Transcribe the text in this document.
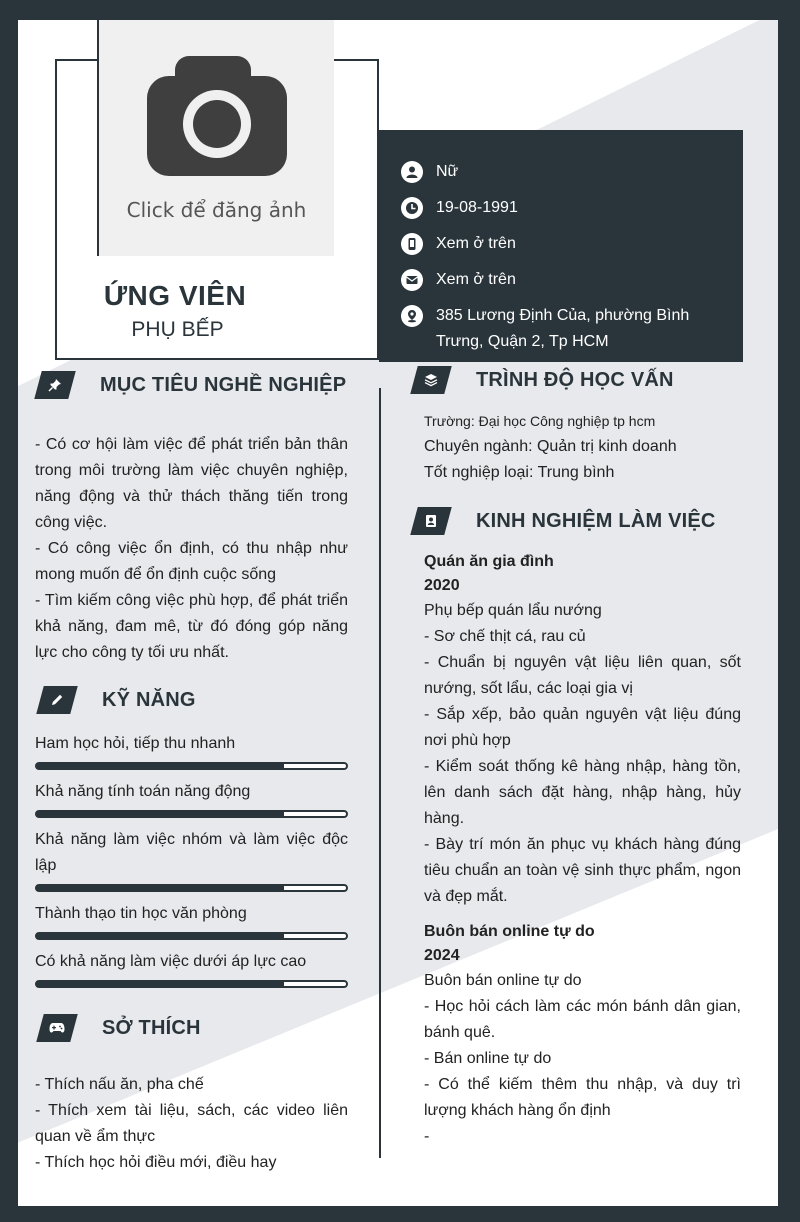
Click để đăng ảnh
ỨNG VIÊN
PHỤ BẾP
Nữ
19-08-1991
Xem ở trên
Xem ở trên
385 Lương Định Của, phường Bình
Trưng, Quận 2, Tp HCM
MỤC TIÊU NGHỀ NGHIỆP

- Có cơ hội làm việc để phát triển bản thân trong môi trường làm việc chuyên nghiệp, năng động và thử thách thăng tiến trong công việc.

- Có công việc ổn định, có thu nhập như mong muốn để ổn định cuộc sống

- Tìm kiếm công việc phù hợp, để phát triển khả năng, đam mê, từ đó đóng góp năng lực cho công ty tối ưu nhất.

KỸ NĂNG
Ham học hỏi, tiếp thu nhanh
Khả năng tính toán năng động
Khả năng làm việc nhóm và làm việc độc lập
Thành thạo tin học văn phòng
Có khả năng làm việc dưới áp lực cao
SỞ THÍCH

- Thích nấu ăn, pha chế

- Thích xem tài liệu, sách, các video liên quan về ẩm thực

- Thích học hỏi điều mới, điều hay

TRÌNH ĐỘ HỌC VẤN

Trường: Đại học Công nghiệp tp hcm

Chuyên ngành: Quản trị kinh doanh

Tốt nghiệp loại: Trung bình

KINH NGHIỆM LÀM VIỆC

Quán ăn gia đình

2020

Phụ bếp quán lẩu nướng

- Sơ chế thịt cá, rau củ

- Chuẩn bị nguyên vật liệu liên quan, sốt nướng, sốt lẩu, các loại gia vị

- Sắp xếp, bảo quản nguyên vật liệu đúng nơi phù hợp

- Kiểm soát thống kê hàng nhập, hàng tồn, lên danh sách đặt hàng, nhập hàng, hủy hàng.

- Bày trí món ăn phục vụ khách hàng đúng tiêu chuẩn an toàn vệ sinh thực phẩm, ngon và đẹp mắt.

Buôn bán online tự do

2024

Buôn bán online tự do

- Học hỏi cách làm các món bánh dân gian, bánh quê.

- Bán online tự do

- Có thể kiếm thêm thu nhập, và duy trì lượng khách hàng ổn định

-
